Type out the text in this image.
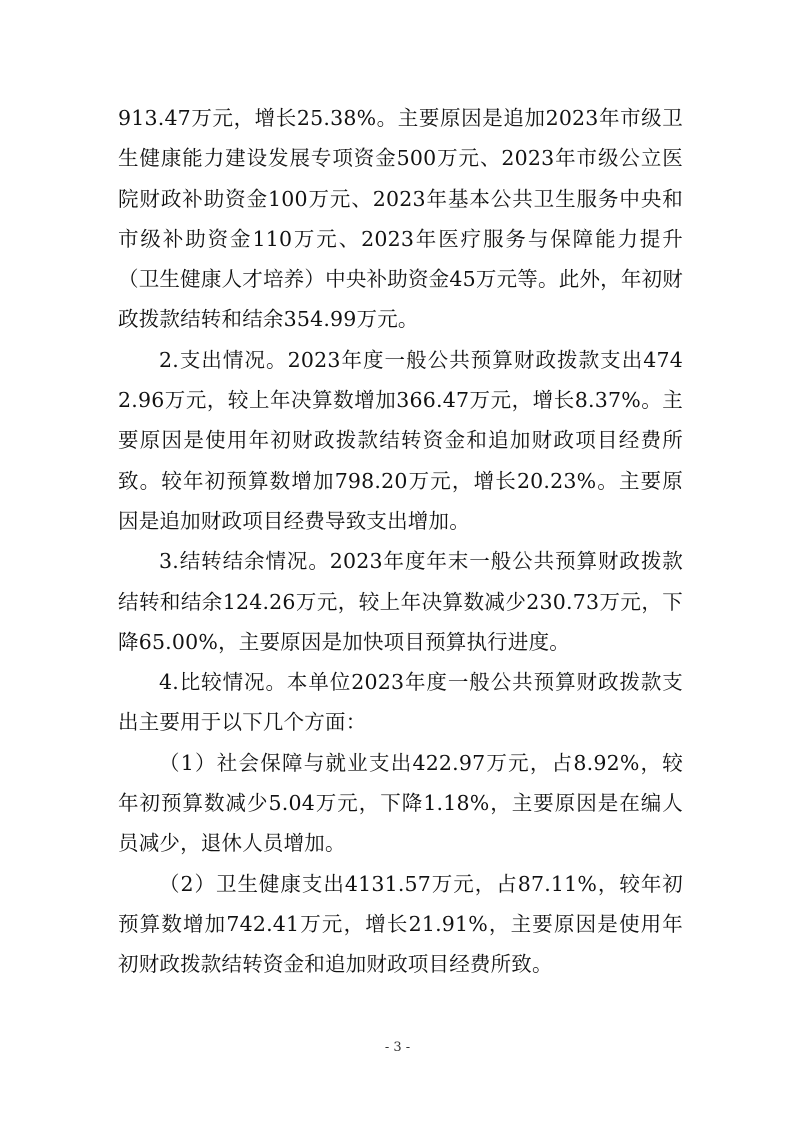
913.47万元，增长25.38%。主要原因是追加2023年市级卫生健康能力建设发展专项资金500万元、2023年市级公立医院财政补助资金100万元、2023年基本公共卫生服务中央和市级补助资金110万元、2023年医疗服务与保障能力提升（卫生健康人才培养）中央补助资金45万元等。此外，年初财政拨款结转和结余354.99万元。

2.支出情况。2023年度一般公共预算财政拨款支出4742.96万元，较上年决算数增加366.47万元，增长8.37%。主要原因是使用年初财政拨款结转资金和追加财政项目经费所致。较年初预算数增加798.20万元，增长20.23%。主要原因是追加财政项目经费导致支出增加。

3.结转结余情况。2023年度年末一般公共预算财政拨款结转和结余124.26万元，较上年决算数减少230.73万元，下降65.00%，主要原因是加快项目预算执行进度。

4.比较情况。本单位2023年度一般公共预算财政拨款支出主要用于以下几个方面：

（1）社会保障与就业支出422.97万元，占8.92%，较年初预算数减少5.04万元，下降1.18%，主要原因是在编人员减少，退休人员增加。

（2）卫生健康支出4131.57万元，占87.11%，较年初预算数增加742.41万元，增长21.91%，主要原因是使用年初财政拨款结转资金和追加财政项目经费所致。

- 3 -
